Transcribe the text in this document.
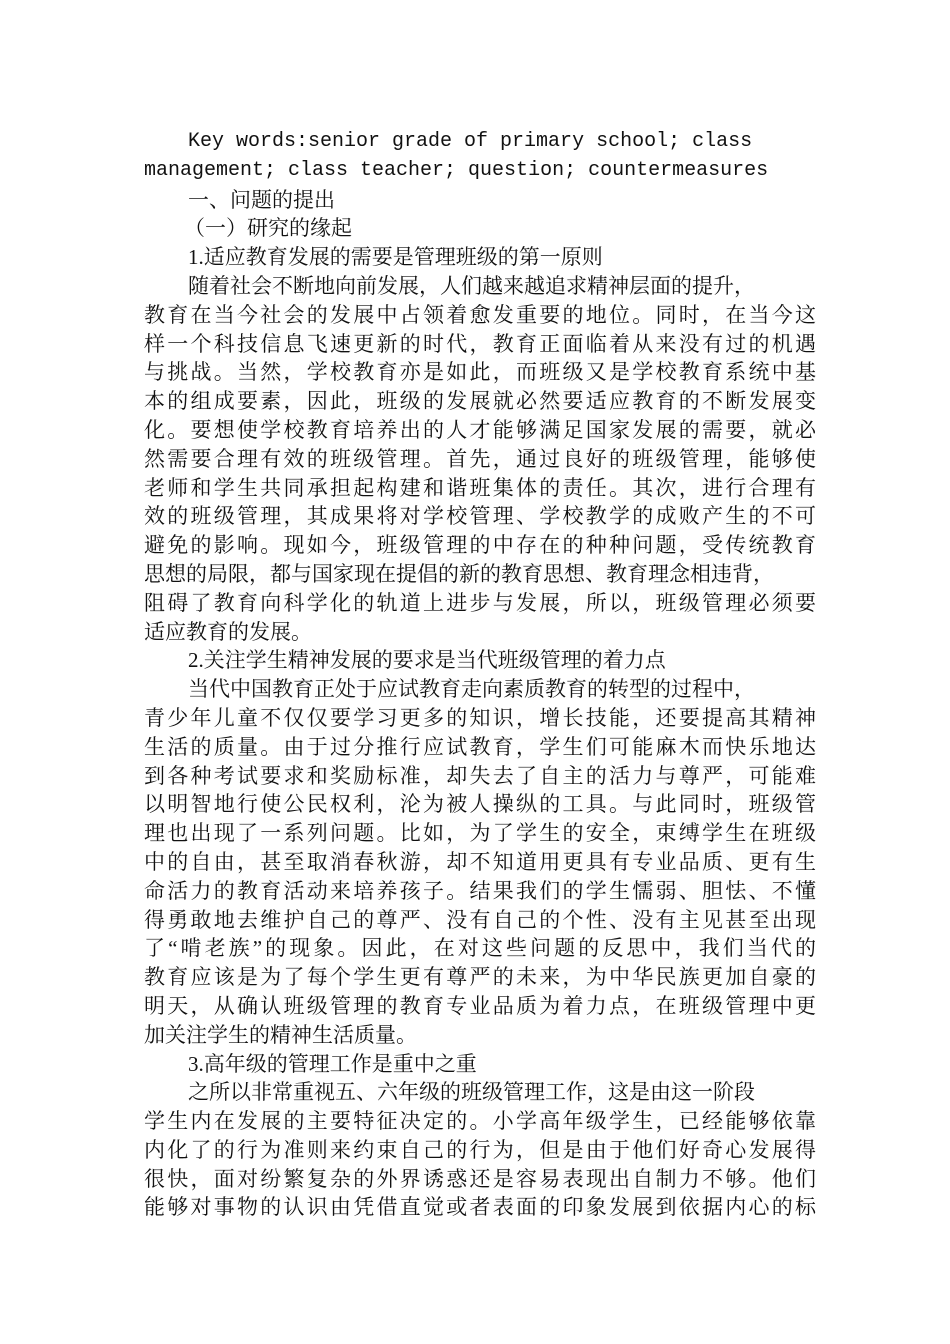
Key words:senior grade of primary school; class

management; class teacher; question; countermeasures

一、问题的提出

（一）研究的缘起

1.适应教育发展的需要是管理班级的第一原则

随着社会不断地向前发展，人们越来越追求精神层面的提升，

教育在当今社会的发展中占领着愈发重要的地位。同时，在当今这

样一个科技信息飞速更新的时代，教育正面临着从来没有过的机遇

与挑战。当然，学校教育亦是如此，而班级又是学校教育系统中基

本的组成要素，因此，班级的发展就必然要适应教育的不断发展变

化。要想使学校教育培养出的人才能够满足国家发展的需要，就必

然需要合理有效的班级管理。首先，通过良好的班级管理，能够使

老师和学生共同承担起构建和谐班集体的责任。其次，进行合理有

效的班级管理，其成果将对学校管理、学校教学的成败产生的不可

避免的影响。现如今，班级管理的中存在的种种问题，受传统教育

思想的局限，都与国家现在提倡的新的教育思想、教育理念相违背，

阻碍了教育向科学化的轨道上进步与发展，所以，班级管理必须要

适应教育的发展。

2.关注学生精神发展的要求是当代班级管理的着力点

当代中国教育正处于应试教育走向素质教育的转型的过程中，

青少年儿童不仅仅要学习更多的知识，增长技能，还要提高其精神

生活的质量。由于过分推行应试教育，学生们可能麻木而快乐地达

到各种考试要求和奖励标准，却失去了自主的活力与尊严，可能难

以明智地行使公民权利，沦为被人操纵的工具。与此同时，班级管

理也出现了一系列问题。比如，为了学生的安全，束缚学生在班级

中的自由，甚至取消春秋游，却不知道用更具有专业品质、更有生

命活力的教育活动来培养孩子。结果我们的学生懦弱、胆怯、不懂

得勇敢地去维护自己的尊严、没有自己的个性、没有主见甚至出现

了“啃老族”的现象。因此，在对这些问题的反思中，我们当代的

教育应该是为了每个学生更有尊严的未来，为中华民族更加自豪的

明天，从确认班级管理的教育专业品质为着力点，在班级管理中更

加关注学生的精神生活质量。

3.高年级的管理工作是重中之重

之所以非常重视五、六年级的班级管理工作，这是由这一阶段

学生内在发展的主要特征决定的。小学高年级学生，已经能够依靠

内化了的行为准则来约束自己的行为，但是由于他们好奇心发展得

很快，面对纷繁复杂的外界诱惑还是容易表现出自制力不够。他们

能够对事物的认识由凭借直觉或者表面的印象发展到依据内心的标
